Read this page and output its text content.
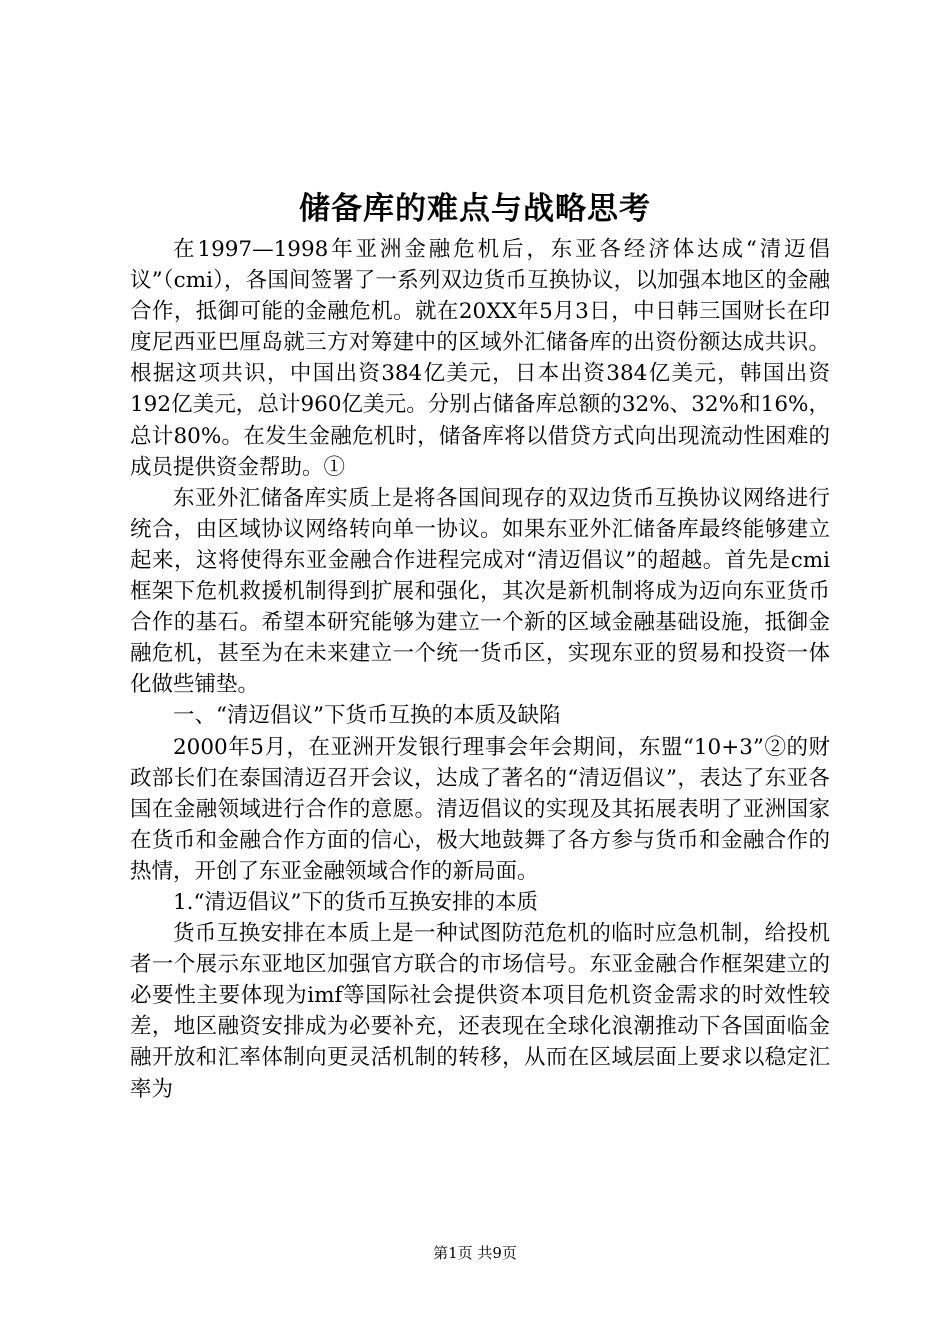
储备库的难点与战略思考

在1997—1998年亚洲金融危机后，东亚各经济体达成“清迈倡议”（cmi），各国间签署了一系列双边货币互换协议，以加强本地区的金融合作，抵御可能的金融危机。就在20XX年5月3日，中日韩三国财长在印度尼西亚巴厘岛就三方对筹建中的区域外汇储备库的出资份额达成共识。根据这项共识，中国出资384亿美元，日本出资384亿美元，韩国出资192亿美元，总计960亿美元。分别占储备库总额的32%、32%和16%，总计80%。在发生金融危机时，储备库将以借贷方式向出现流动性困难的成员提供资金帮助。①

东亚外汇储备库实质上是将各国间现存的双边货币互换协议网络进行统合，由区域协议网络转向单一协议。如果东亚外汇储备库最终能够建立起来，这将使得东亚金融合作进程完成对“清迈倡议”的超越。首先是cmi框架下危机救援机制得到扩展和强化，其次是新机制将成为迈向东亚货币合作的基石。希望本研究能够为建立一个新的区域金融基础设施，抵御金融危机，甚至为在未来建立一个统一货币区，实现东亚的贸易和投资一体化做些铺垫。

一、“清迈倡议”下货币互换的本质及缺陷

2000年5月，在亚洲开发银行理事会年会期间，东盟“10+3”②的财政部长们在泰国清迈召开会议，达成了著名的“清迈倡议”，表达了东亚各国在金融领域进行合作的意愿。清迈倡议的实现及其拓展表明了亚洲国家在货币和金融合作方面的信心，极大地鼓舞了各方参与货币和金融合作的热情，开创了东亚金融领域合作的新局面。

1.“清迈倡议”下的货币互换安排的本质

货币互换安排在本质上是一种试图防范危机的临时应急机制，给投机者一个展示东亚地区加强官方联合的市场信号。东亚金融合作框架建立的必要性主要体现为imf等国际社会提供资本项目危机资金需求的时效性较差，地区融资安排成为必要补充，还表现在全球化浪潮推动下各国面临金融开放和汇率体制向更灵活机制的转移，从而在区域层面上要求以稳定汇率为

第1页 共9页
